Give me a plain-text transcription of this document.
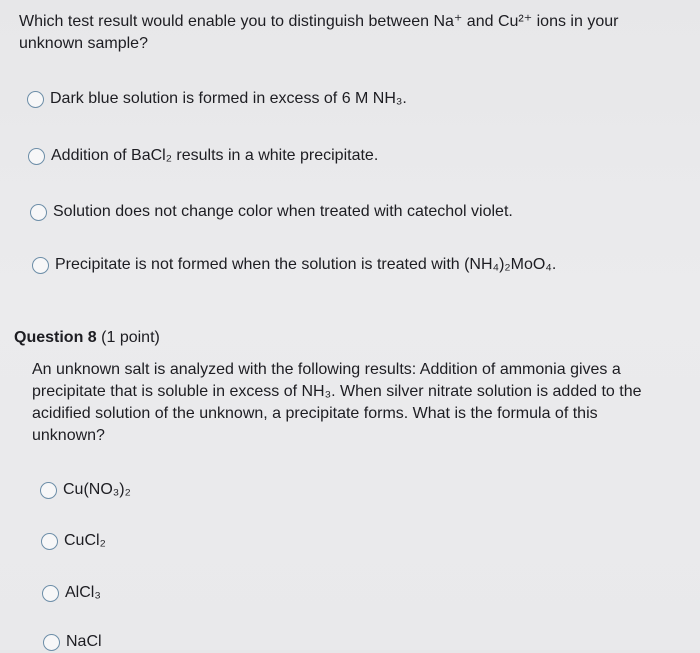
Which test result would enable you to distinguish between Na⁺ and Cu²⁺ ions in your unknown sample?
Dark blue solution is formed in excess of 6 M NH₃.
Addition of BaCl₂ results in a white precipitate.
Solution does not change color when treated with catechol violet.
Precipitate is not formed when the solution is treated with (NH₄)₂MoO₄.
Question 8 (1 point)
An unknown salt is analyzed with the following results: Addition of ammonia gives a precipitate that is soluble in excess of NH₃. When silver nitrate solution is added to the acidified solution of the unknown, a precipitate forms. What is the formula of this unknown?
Cu(NO₃)₂
CuCl₂
AlCl₃
NaCl
